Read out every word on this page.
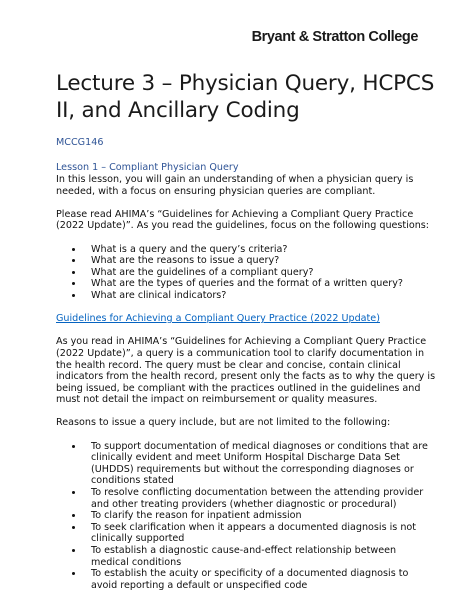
Bryant & Stratton College
Lecture 3 – Physician Query, HCPCS II, and Ancillary Coding
MCCG146
Lesson 1 – Compliant Physician Query

In this lesson, you will gain an understanding of when a physician query is needed, with a focus on ensuring physician queries are compliant.

Please read AHIMA’s “Guidelines for Achieving a Compliant Query Practice (2022 Update)”. As you read the guidelines, focus on the following questions:

• What is a query and the query’s criteria?
• What are the reasons to issue a query?
• What are the guidelines of a compliant query?
• What are the types of queries and the format of a written query?
• What are clinical indicators?

Guidelines for Achieving a Compliant Query Practice (2022 Update)

As you read in AHIMA’s “Guidelines for Achieving a Compliant Query Practice (2022 Update)”, a query is a communication tool to clarify documentation in the health record. The query must be clear and concise, contain clinical indicators from the health record, present only the facts as to why the query is being issued, be compliant with the practices outlined in the guidelines and must not detail the impact on reimbursement or quality measures.

Reasons to issue a query include, but are not limited to the following:

• To support documentation of medical diagnoses or conditions that are clinically evident and meet Uniform Hospital Discharge Data Set (UHDDS) requirements but without the corresponding diagnoses or conditions stated
• To resolve conflicting documentation between the attending provider and other treating providers (whether diagnostic or procedural)
• To clarify the reason for inpatient admission
• To seek clarification when it appears a documented diagnosis is not clinically supported
• To establish a diagnostic cause-and-effect relationship between medical conditions
• To establish the acuity or specificity of a documented diagnosis to avoid reporting a default or unspecified code
